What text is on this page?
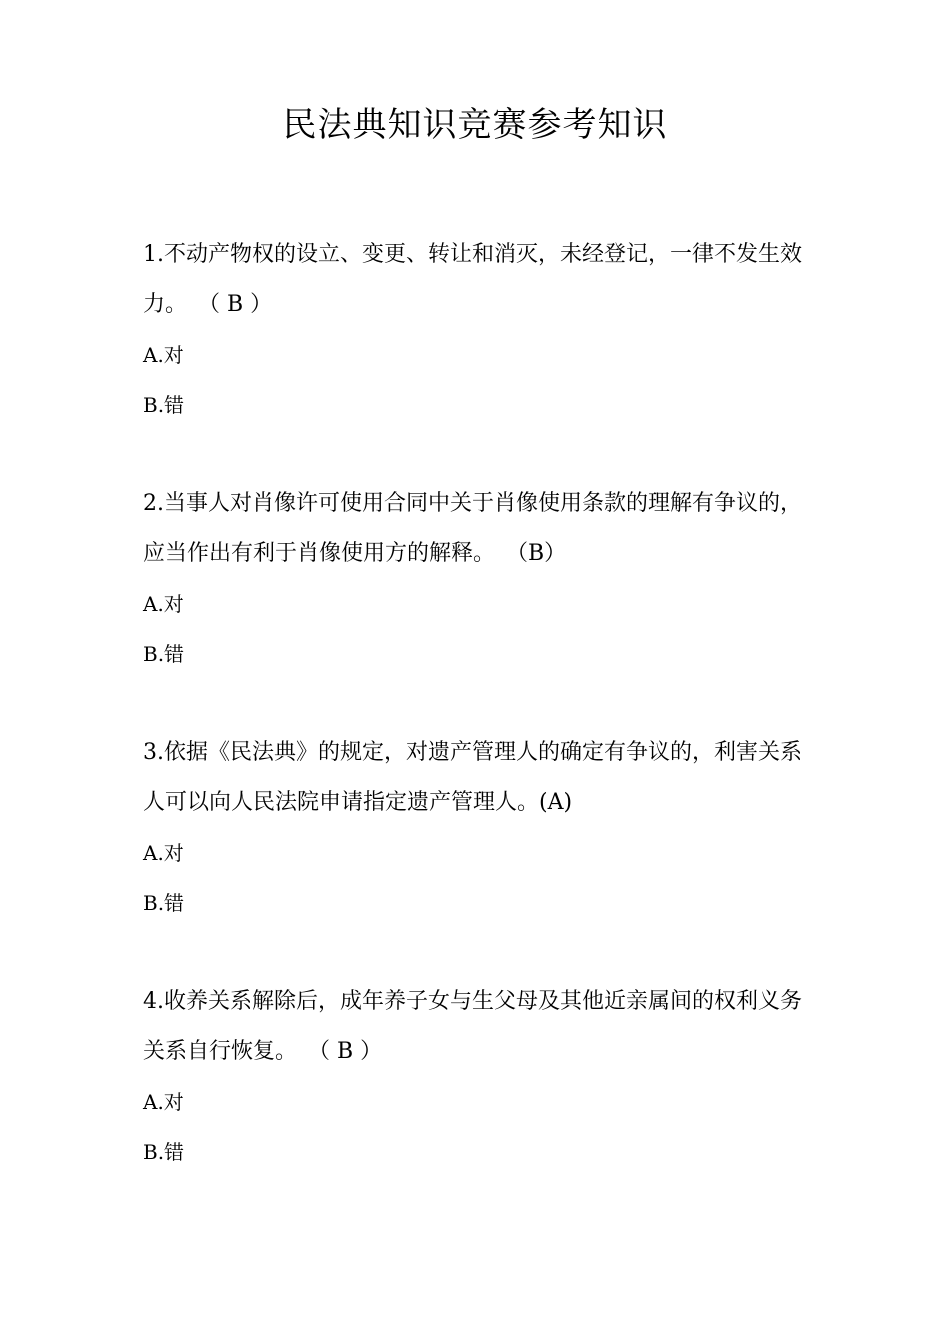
民法典知识竞赛参考知识

1.不动产物权的设立、变更、转让和消灭，未经登记，一律不发生效力。 （ B ）

A.对

B.错

2.当事人对肖像许可使用合同中关于肖像使用条款的理解有争议的，应当作出有利于肖像使用方的解释。 （B）

A.对

B.错

3.依据《民法典》的规定，对遗产管理人的确定有争议的，利害关系人可以向人民法院申请指定遗产管理人。(A)

A.对

B.错

4.收养关系解除后，成年养子女与生父母及其他近亲属间的权利义务关系自行恢复。 （ B ）

A.对

B.错
